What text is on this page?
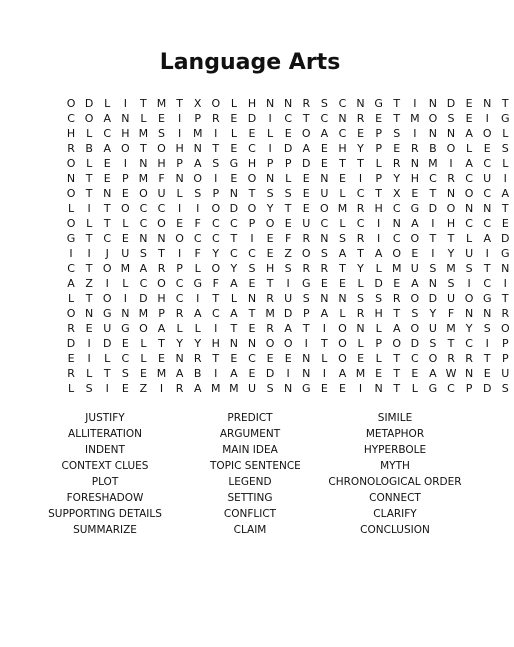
Language Arts
O D L	I	T M T X O L H N N R S C N G T	I	N D E N T
C O A N L	E	I	P R E D	I	C T C N R E	T M O S	E	I	G
H L	C H M S	I	M	I	L	E	L	E O A C E	P	S	I	N N A O L
R B A O T O H N T	E C	I	D A E H Y	P	E R B O L	E	S
O L	E	I	N H P	A S G H P	P D E	T	T	L	R N M	I	A C	L
N T	E	P M F N O	I	E O N L	E N E	I	P	Y H C R C U	I
O T N E O U L	S	P N T	S	S	E U L	C T X E	T N O C A
L	I	T O C C	I	I	O D O Y	T	E O M R H C G D O N N T
O L	T	L	C O E	F	C C P O E U C	L	C	I	N A	I	H C C E
G T C E N N O C C T	I	E	F	R N S R	I	C O T	T	L	A D
I	I	J	U S	T	I	F	Y C C E Z O S A T A O E	I	Y U	I	G
C T O M A R P	L O Y	S H S R R T	Y	L M U S M S	T N
A Z	I	L	C O C G F	A E	T	I	G E	E	L D E A N S	I	C	I
L	T O	I	D H C	I	T	L N R U S N N S	S R O D U O G T
O N G N M P R A C A T M D P	A	L	R H T	S	Y	F N N R
R E U G O A	L	L	I	T	E R A T	I	O N L	A O U M Y	S O
D	I	D E	L	T	Y	Y H N N O O	I	T O L	P O D S	T C	I	P
E	I	L	C	L	E N R T	E C E	E N L O E	L	T C O R R T	P
R	L	T	S	E M A B	I	A E D	I	N	I	A M E	T	E A W N E U
L	S	I	E Z	I	R A M M U S N G E	E	I	N T	L G C P D S
JUSTIFY	PREDICT	SIMILE
ALLITERATION	ARGUMENT	METAPHOR
INDENT	MAIN IDEA	HYPERBOLE
CONTEXT CLUES	TOPIC SENTENCE	MYTH
PLOT	LEGEND	CHRONOLOGICAL ORDER
FORESHADOW	SETTING	CONNECT
SUPPORTING DETAILS	CONFLICT	CLARIFY
SUMMARIZE	CLAIM	CONCLUSION
